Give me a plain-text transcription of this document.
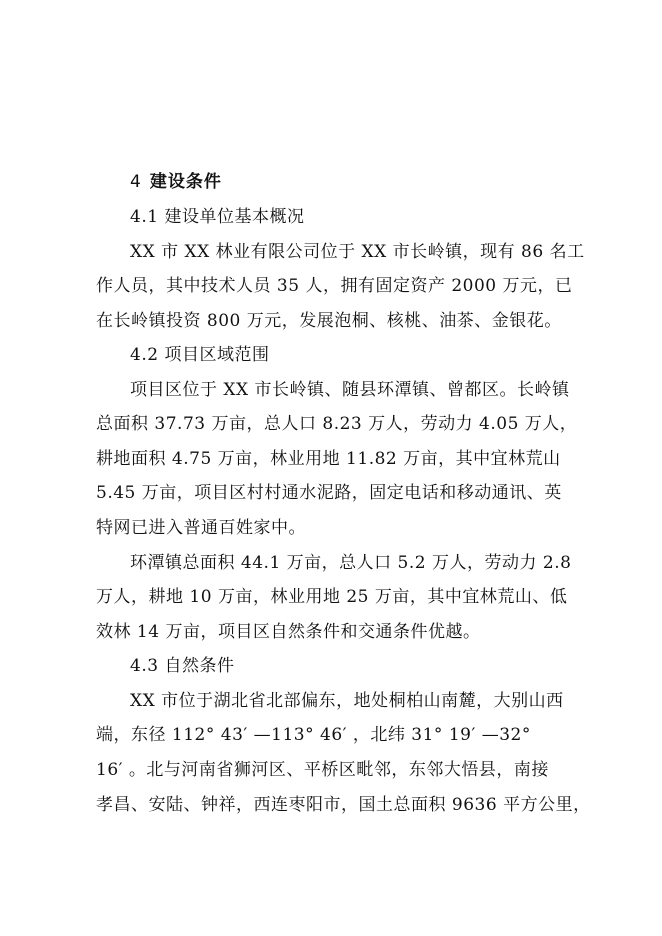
4 建设条件
4.1 建设单位基本概况
XX 市 XX 林业有限公司位于 XX 市长岭镇，现有 86 名工
作人员，其中技术人员 35 人，拥有固定资产 2000 万元，已
在长岭镇投资 800 万元，发展泡桐、核桃、油茶、金银花。
4.2 项目区域范围
项目区位于 XX 市长岭镇、随县环潭镇、曾都区。长岭镇
总面积 37.73 万亩，总人口 8.23 万人，劳动力 4.05 万人，
耕地面积 4.75 万亩，林业用地 11.82 万亩，其中宜林荒山
5.45 万亩，项目区村村通水泥路，固定电话和移动通讯、英
特网已进入普通百姓家中。
环潭镇总面积 44.1 万亩，总人口 5.2 万人，劳动力 2.8
万人，耕地 10 万亩，林业用地 25 万亩，其中宜林荒山、低
效林 14 万亩，项目区自然条件和交通条件优越。
4.3 自然条件
XX 市位于湖北省北部偏东，地处桐柏山南麓，大别山西
端，东径 112° 43′ —113° 46′ ，北纬 31° 19′ —32°
16′ 。北与河南省狮河区、平桥区毗邻，东邻大悟县，南接
孝昌、安陆、钟祥，西连枣阳市，国土总面积 9636 平方公里，
